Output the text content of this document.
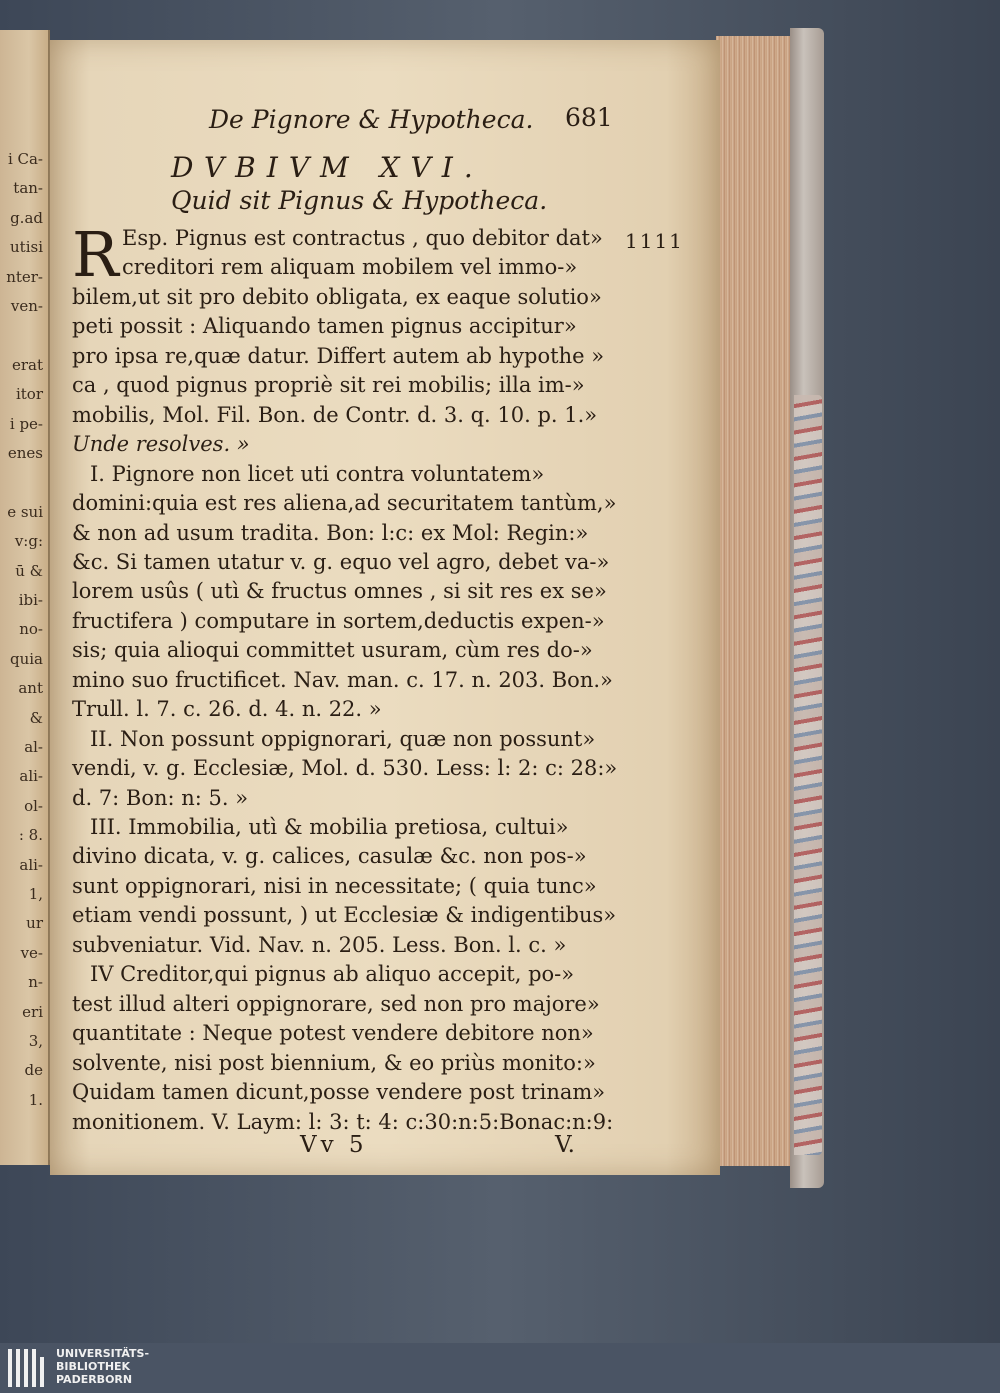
i Ca-
tan-
g.ad
utisi
nter-
ven-
erat
itor
i pe-
enes
e sui
v:g:
ū &
ibi-
no-
quia
ant
&
al-
ali-
ol-
: 8.
ali-
1,
ur
ve-
n-
eri
3,
de
1.
De Pignore & Hypotheca. 681
DVBIVM XVI.
Quid sit Pignus & Hypotheca.
1111
R Esp. Pignus est contractus , quo debitor dat»
creditori rem aliquam mobilem vel immo-»
bilem,ut sit pro debito obligata, ex eaque solutio»
peti possit : Aliquando tamen pignus accipitur»
pro ipsa re,quæ datur. Differt autem ab hypothe »
ca , quod pignus propriè sit rei mobilis; illa im-»
mobilis, Mol. Fil. Bon. de Contr. d. 3. q. 10. p. 1.»
Unde resolves. »
I. Pignore non licet uti contra voluntatem»
domini:quia est res aliena,ad securitatem tantùm,»
& non ad usum tradita. Bon: l:c: ex Mol: Regin:»
&c. Si tamen utatur v. g. equo vel agro, debet va-»
lorem usûs ( utì & fructus omnes , si sit res ex se»
fructifera ) computare in sortem,deductis expen-»
sis; quia alioqui committet usuram, cùm res do-»
mino suo fructificet. Nav. man. c. 17. n. 203. Bon.»
Trull. l. 7. c. 26. d. 4. n. 22. »
II. Non possunt oppignorari, quæ non possunt»
vendi, v. g. Ecclesiæ, Mol. d. 530. Less: l: 2: c: 28:»
d. 7: Bon: n: 5. »
III. Immobilia, utì & mobilia pretiosa, cultui»
divino dicata, v. g. calices, casulæ &c. non pos-»
sunt oppignorari, nisi in necessitate; ( quia tunc»
etiam vendi possunt, ) ut Ecclesiæ & indigentibus»
subveniatur. Vid. Nav. n. 205. Less. Bon. l. c. »
IV Creditor,qui pignus ab aliquo accepit, po-»
test illud alteri oppignorare, sed non pro majore»
quantitate : Neque potest vendere debitore non»
solvente, nisi post biennium, & eo priùs monito:»
Quidam tamen dicunt,posse vendere post trinam»
monitionem. V. Laym: l: 3: t: 4: c:30:n:5:Bonac:n:9:
Vv 5	V.
UNIVERSITÄTS-
BIBLIOTHEK
PADERBORN
